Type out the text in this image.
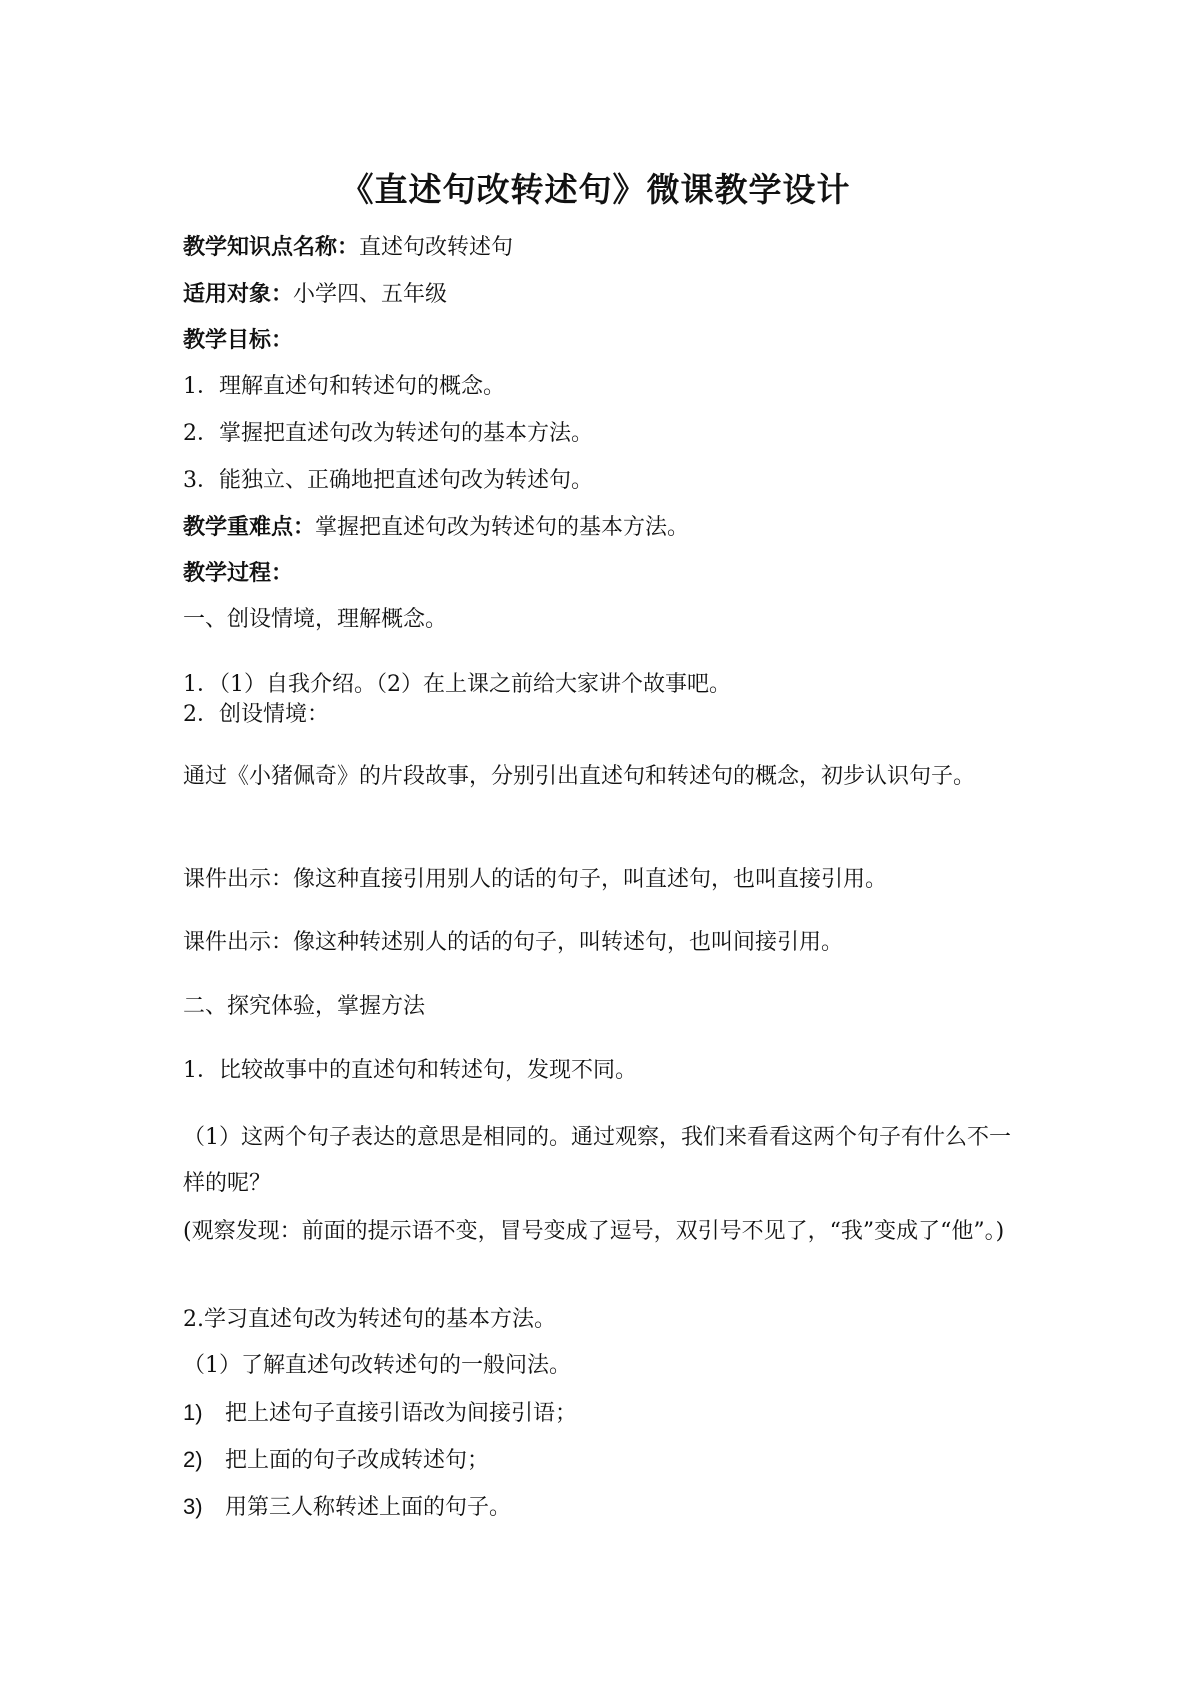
《直述句改转述句》微课教学设计
教学知识点名称：直述句改转述句
适用对象：小学四、五年级
教学目标：
1．理解直述句和转述句的概念。
2．掌握把直述句改为转述句的基本方法。
3．能独立、正确地把直述句改为转述句。
教学重难点：掌握把直述句改为转述句的基本方法。
教学过程：
一、创设情境，理解概念。
1．（1）自我介绍。（2）在上课之前给大家讲个故事吧。
2．创设情境：
通过《小猪佩奇》的片段故事，分别引出直述句和转述句的概念，初步认识句子。
课件出示：像这种直接引用别人的话的句子，叫直述句，也叫直接引用。
课件出示：像这种转述别人的话的句子，叫转述句，也叫间接引用。
二、探究体验，掌握方法
1．比较故事中的直述句和转述句，发现不同。
（1）这两个句子表达的意思是相同的。通过观察，我们来看看这两个句子有什么不一样的呢？
(观察发现：前面的提示语不变，冒号变成了逗号，双引号不见了，“我”变成了“他”。)
2.学习直述句改为转述句的基本方法。
（1）了解直述句改转述句的一般问法。
1) 把上述句子直接引语改为间接引语；
2) 把上面的句子改成转述句；
3) 用第三人称转述上面的句子。
